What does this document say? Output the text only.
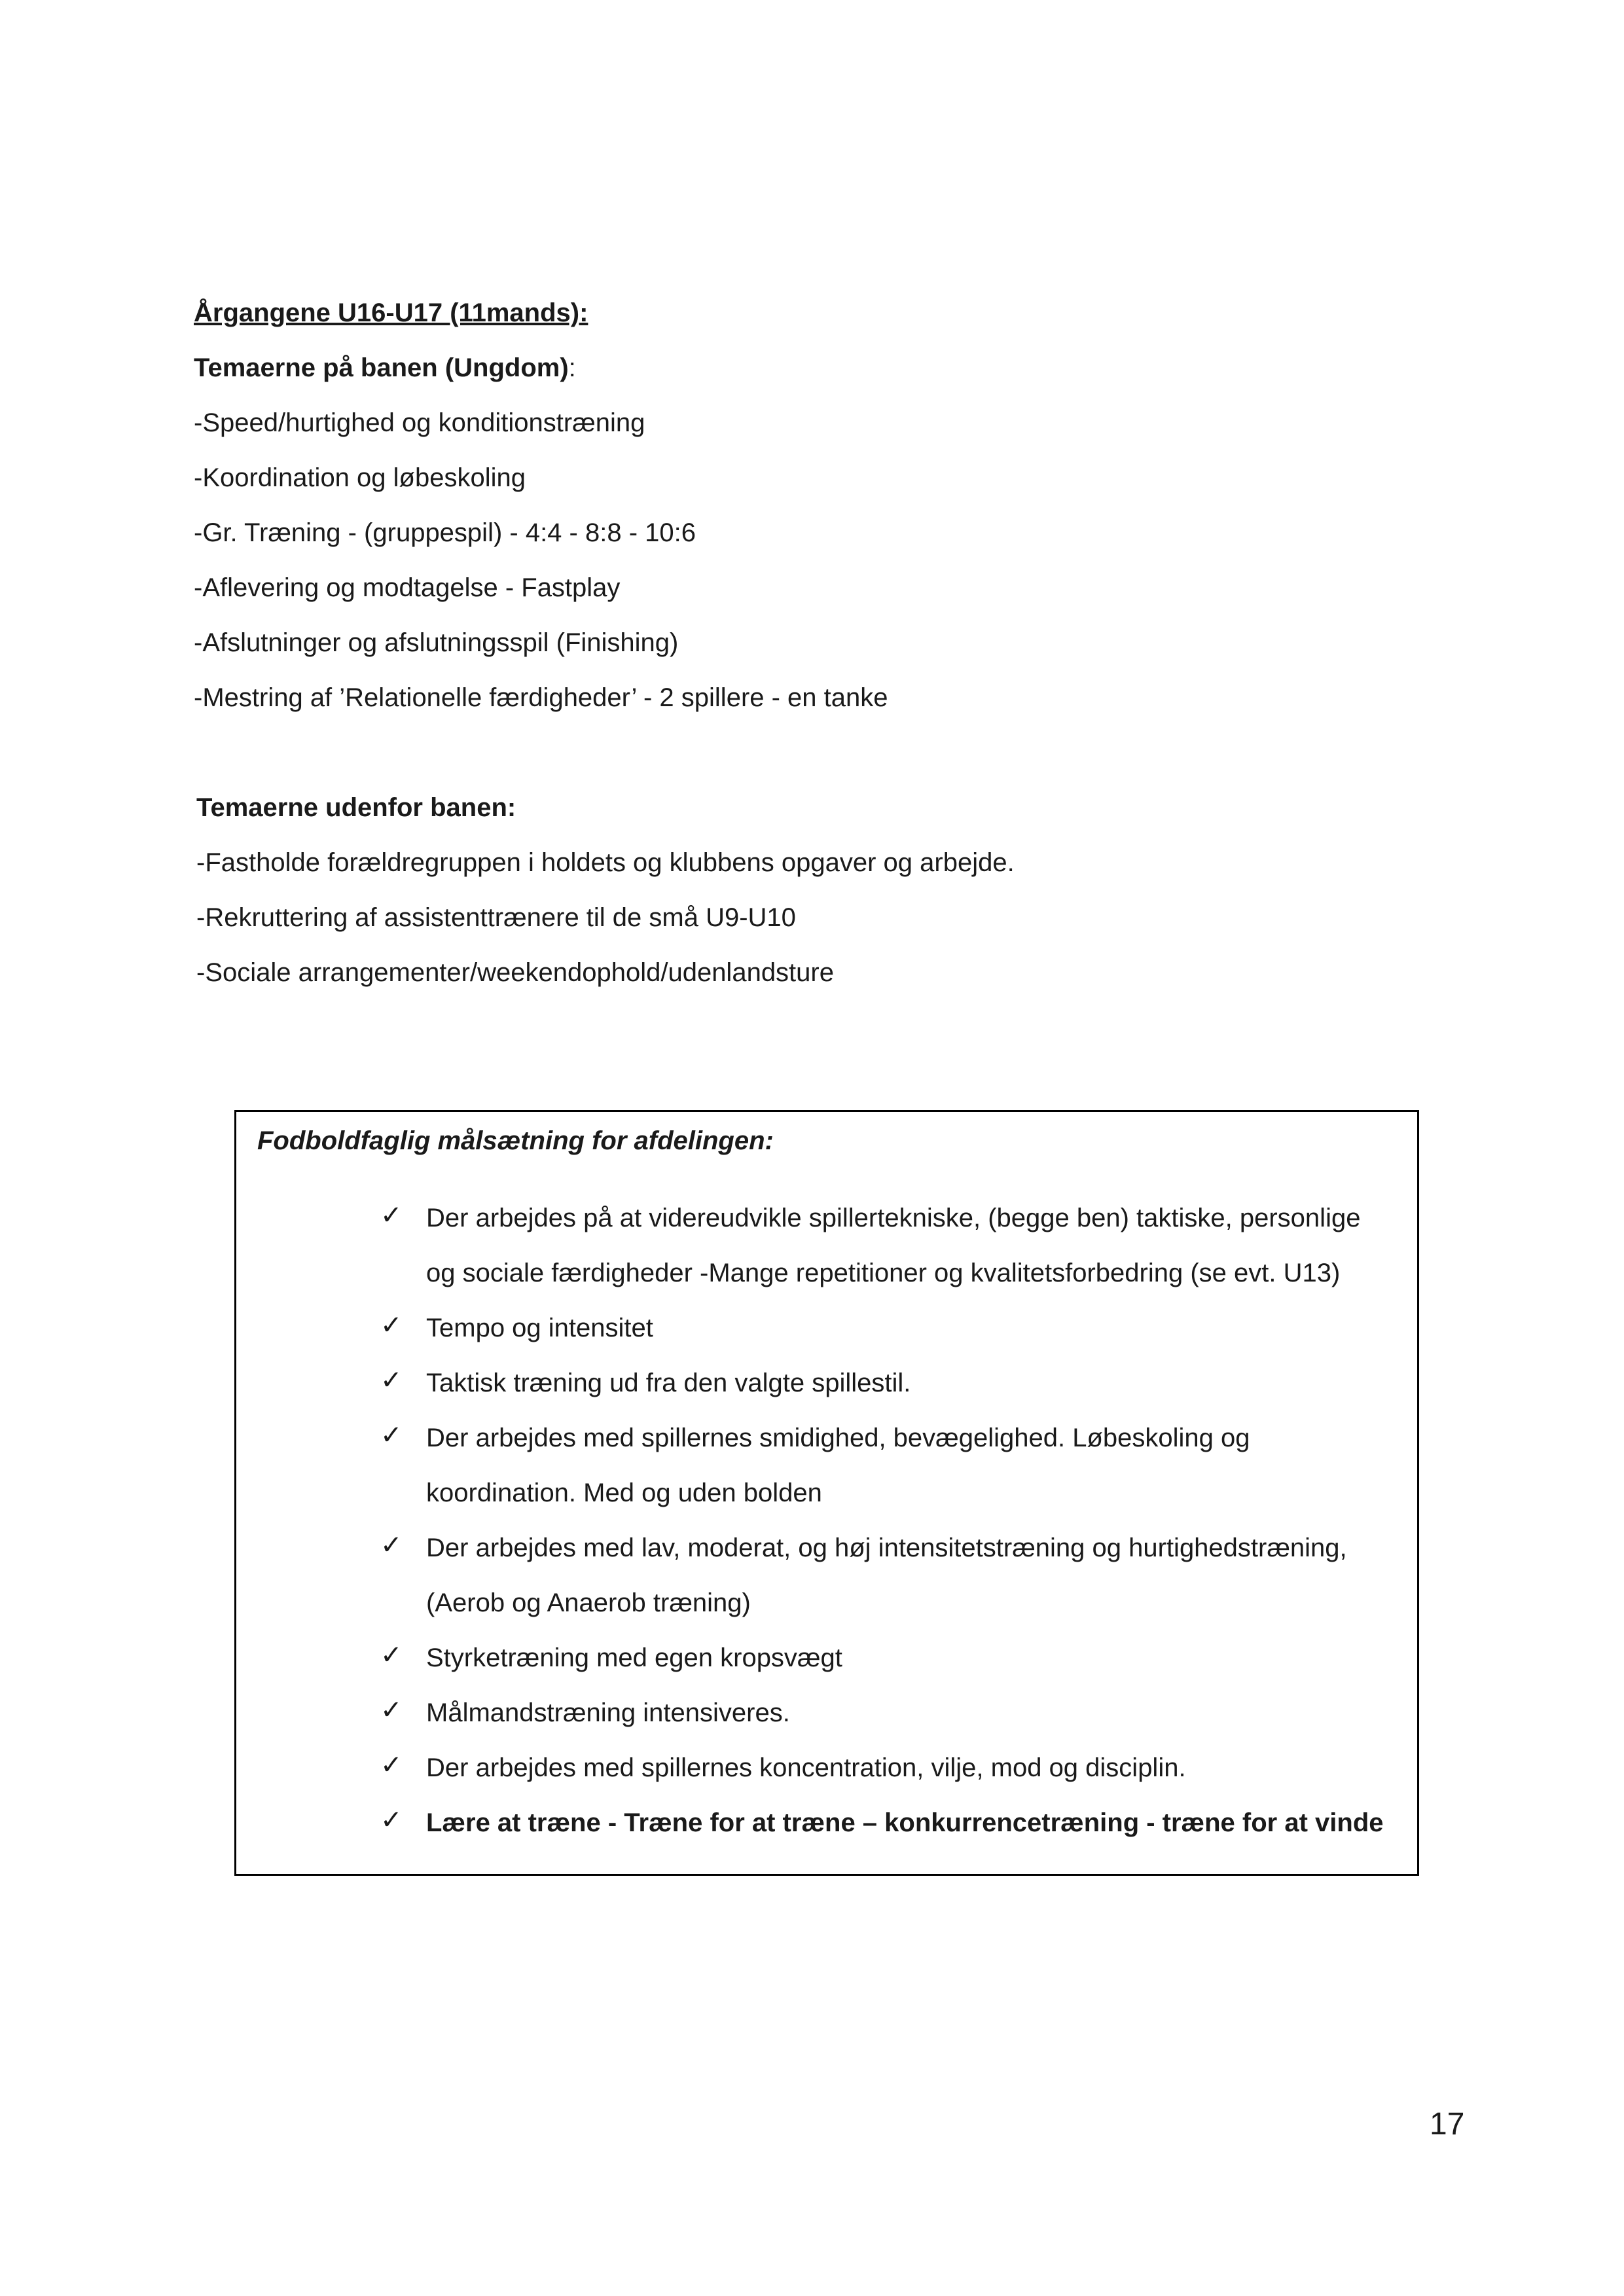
Årgangene U16-U17 (11mands):
Temaerne på banen (Ungdom):
-Speed/hurtighed og konditionstræning
-Koordination og løbeskoling
-Gr. Træning - (gruppespil) - 4:4 - 8:8 - 10:6
-Aflevering og modtagelse - Fastplay
-Afslutninger og afslutningsspil (Finishing)
-Mestring af ’Relationelle færdigheder’ - 2 spillere - en tanke
Temaerne udenfor banen:
-Fastholde forældregruppen i holdets og klubbens opgaver og arbejde.
-Rekruttering af assistenttrænere til de små U9-U10
-Sociale arrangementer/weekendophold/udenlandsture
Fodboldfaglig målsætning for afdelingen:
✓ Der arbejdes på at videreudvikle spillertekniske, (begge ben) taktiske, personlige
og sociale færdigheder -Mange repetitioner og kvalitetsforbedring (se evt. U13)
✓ Tempo og intensitet
✓ Taktisk træning ud fra den valgte spillestil.
✓ Der arbejdes med spillernes smidighed, bevægelighed. Løbeskoling og
koordination. Med og uden bolden
✓ Der arbejdes med lav, moderat, og høj intensitetstræning og hurtighedstræning,
(Aerob og Anaerob træning)
✓ Styrketræning med egen kropsvægt
✓ Målmandstræning intensiveres.
✓ Der arbejdes med spillernes koncentration, vilje, mod og disciplin.
✓ Lære at træne - Træne for at træne – konkurrencetræning - træne for at vinde
17
